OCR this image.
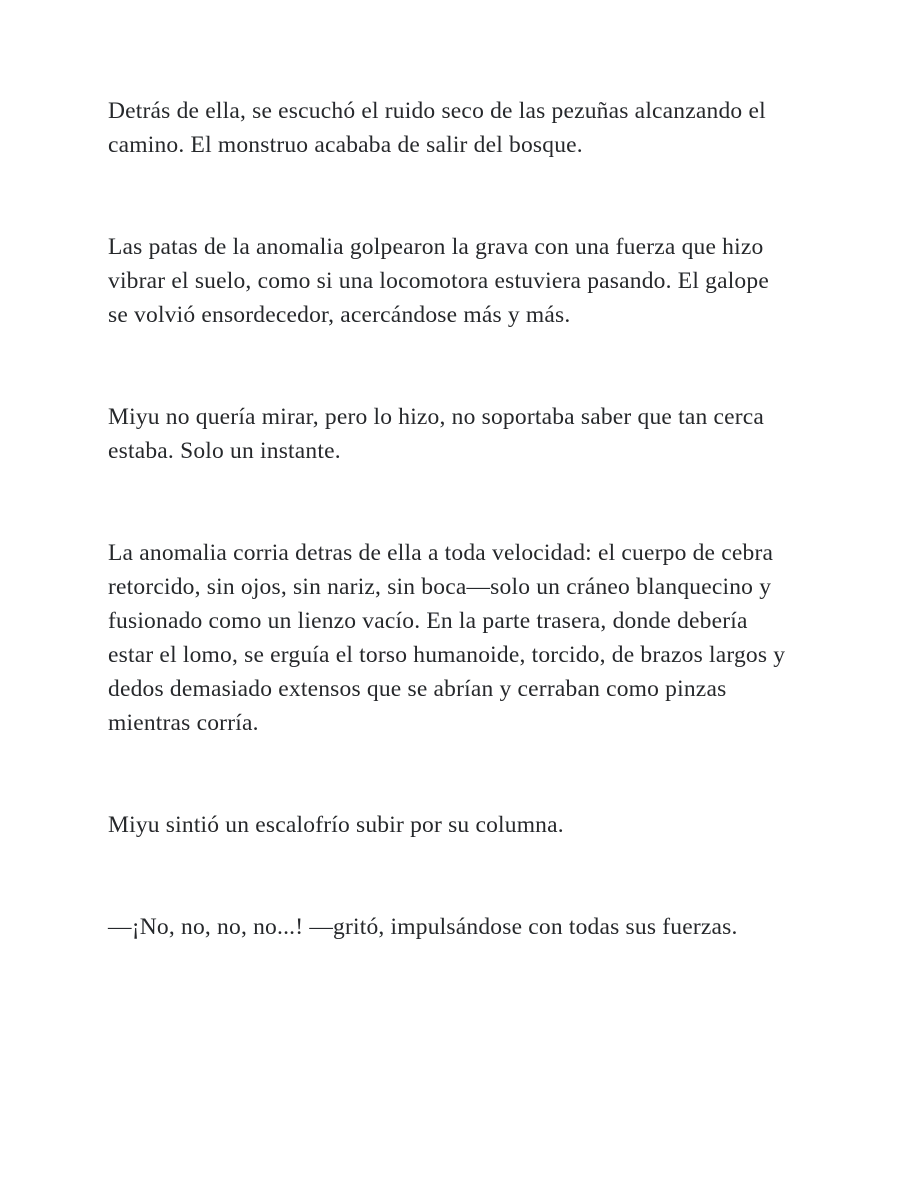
Detrás de ella, se escuchó el ruido seco de las pezuñas alcanzando el camino. El monstruo acababa de salir del bosque.

Las patas de la anomalia golpearon la grava con una fuerza que hizo vibrar el suelo, como si una locomotora estuviera pasando. El galope se volvió ensordecedor, acercándose más y más.

Miyu no quería mirar, pero lo hizo, no soportaba saber que tan cerca estaba. Solo un instante.

La anomalia corria detras de ella a toda velocidad: el cuerpo de cebra retorcido, sin ojos, sin nariz, sin boca—solo un cráneo blanquecino y fusionado como un lienzo vacío. En la parte trasera, donde debería estar el lomo, se erguía el torso humanoide, torcido, de brazos largos y dedos demasiado extensos que se abrían y cerraban como pinzas mientras corría.

Miyu sintió un escalofrío subir por su columna.

—¡No, no, no, no...! —gritó, impulsándose con todas sus fuerzas.
